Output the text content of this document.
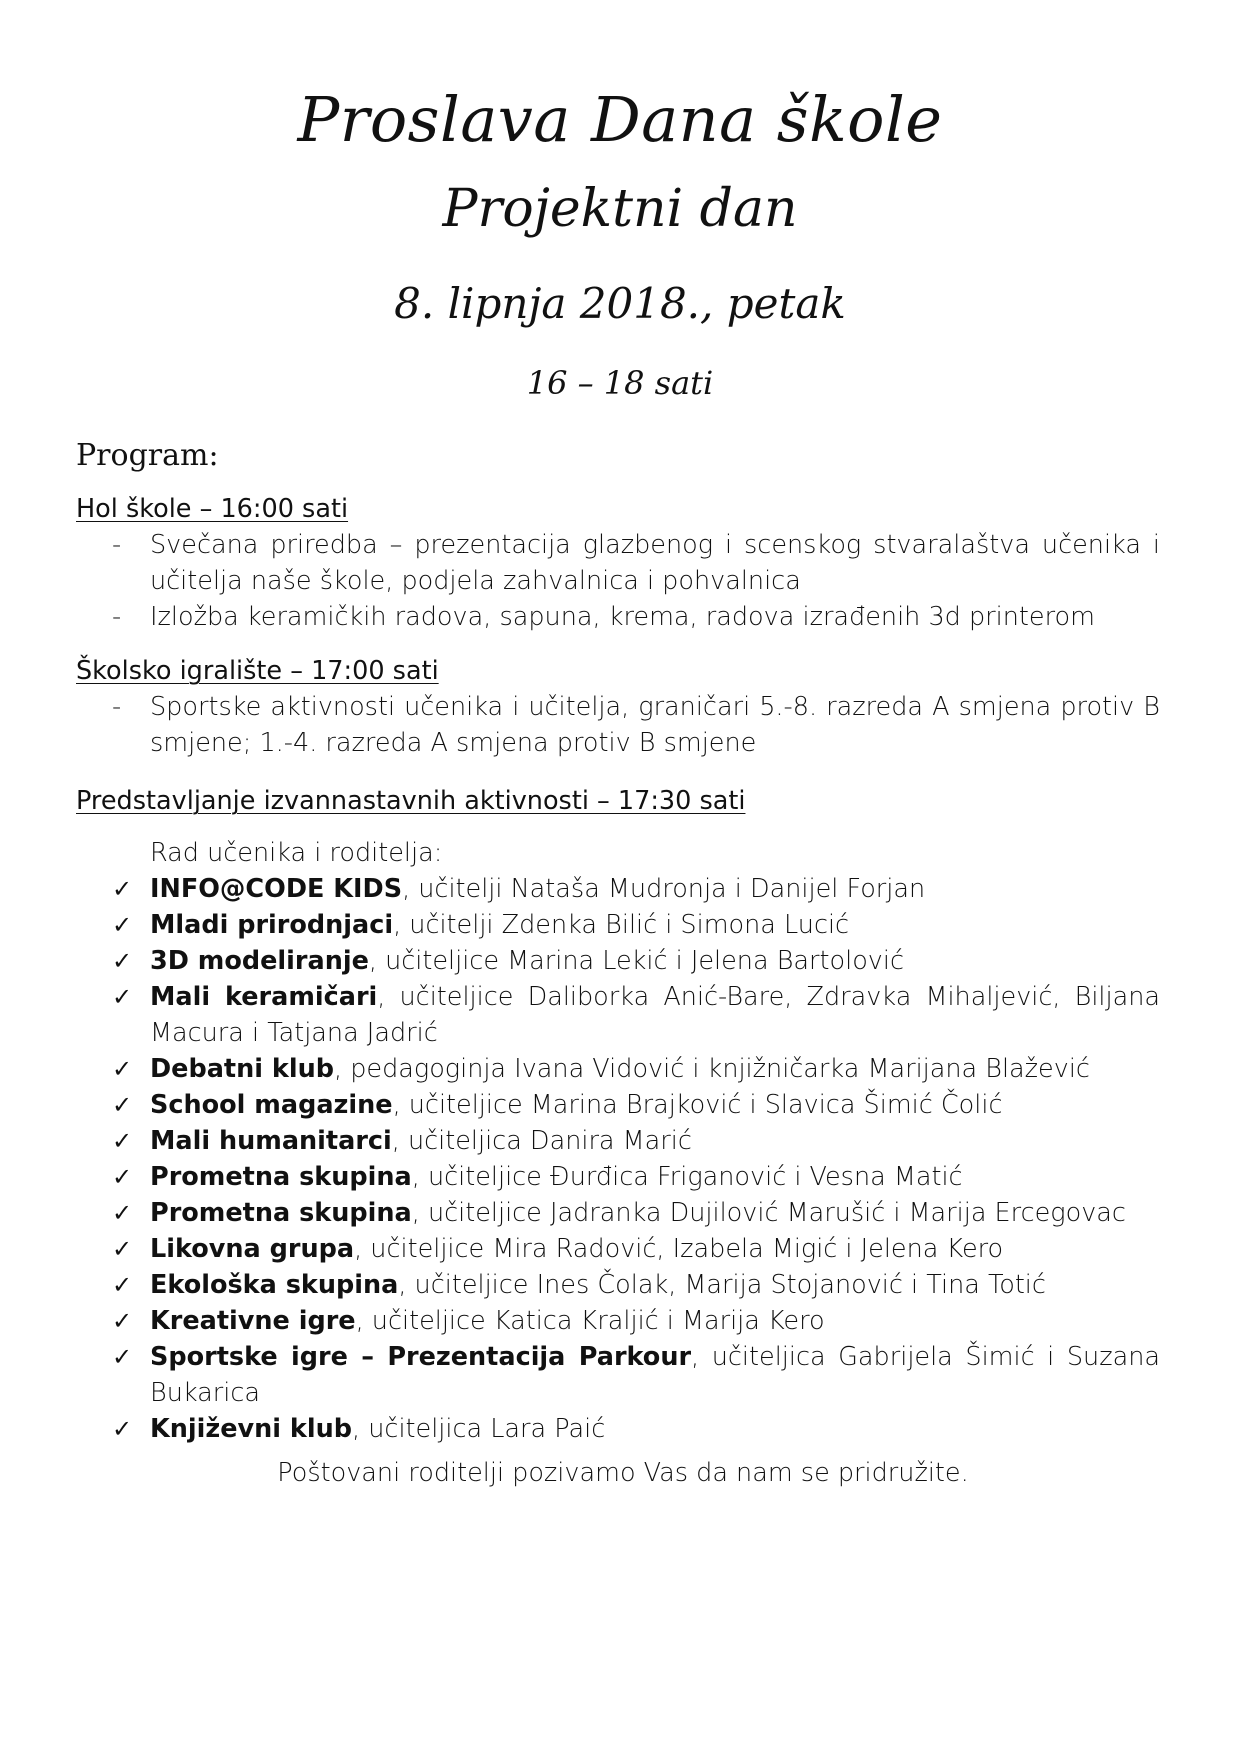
Proslava Dana škole
Projektni dan
8. lipnja 2018., petak
16 – 18 sati
Program:
Hol škole – 16:00 sati
- Svečana priredba – prezentacija glazbenog i scenskog stvaralaštva učenika i učitelja naše škole, podjela zahvalnica i pohvalnica
- Izložba keramičkih radova, sapuna, krema, radova izrađenih 3d printerom
Školsko igralište – 17:00 sati
- Sportske aktivnosti učenika i učitelja, graničari 5.-8. razreda A smjena protiv B smjene; 1.-4. razreda A smjena protiv B smjene
Predstavljanje izvannastavnih aktivnosti – 17:30 sati
Rad učenika i roditelja:
✓ INFO@CODE KIDS, učitelji Nataša Mudronja i Danijel Forjan
✓ Mladi prirodnjaci, učitelji Zdenka Bilić i Simona Lucić
✓ 3D modeliranje, učiteljice Marina Lekić i Jelena Bartolović
✓ Mali keramičari, učiteljice Daliborka Anić-Bare, Zdravka Mihaljević, Biljana Macura i Tatjana Jadrić
✓ Debatni klub, pedagoginja Ivana Vidović i knjižničarka Marijana Blažević
✓ School magazine, učiteljice Marina Brajković i Slavica Šimić Čolić
✓ Mali humanitarci, učiteljica Danira Marić
✓ Prometna skupina, učiteljice Đurđica Friganović i Vesna Matić
✓ Prometna skupina, učiteljice Jadranka Dujilović Marušić i Marija Ercegovac
✓ Likovna grupa, učiteljice Mira Radović, Izabela Migić i Jelena Kero
✓ Ekološka skupina, učiteljice Ines Čolak, Marija Stojanović i Tina Totić
✓ Kreativne igre, učiteljice Katica Kraljić i Marija Kero
✓ Sportske igre – Prezentacija Parkour, učiteljica Gabrijela Šimić i Suzana Bukarica
✓ Književni klub, učiteljica Lara Paić
Poštovani roditelji pozivamo Vas da nam se pridružite.
